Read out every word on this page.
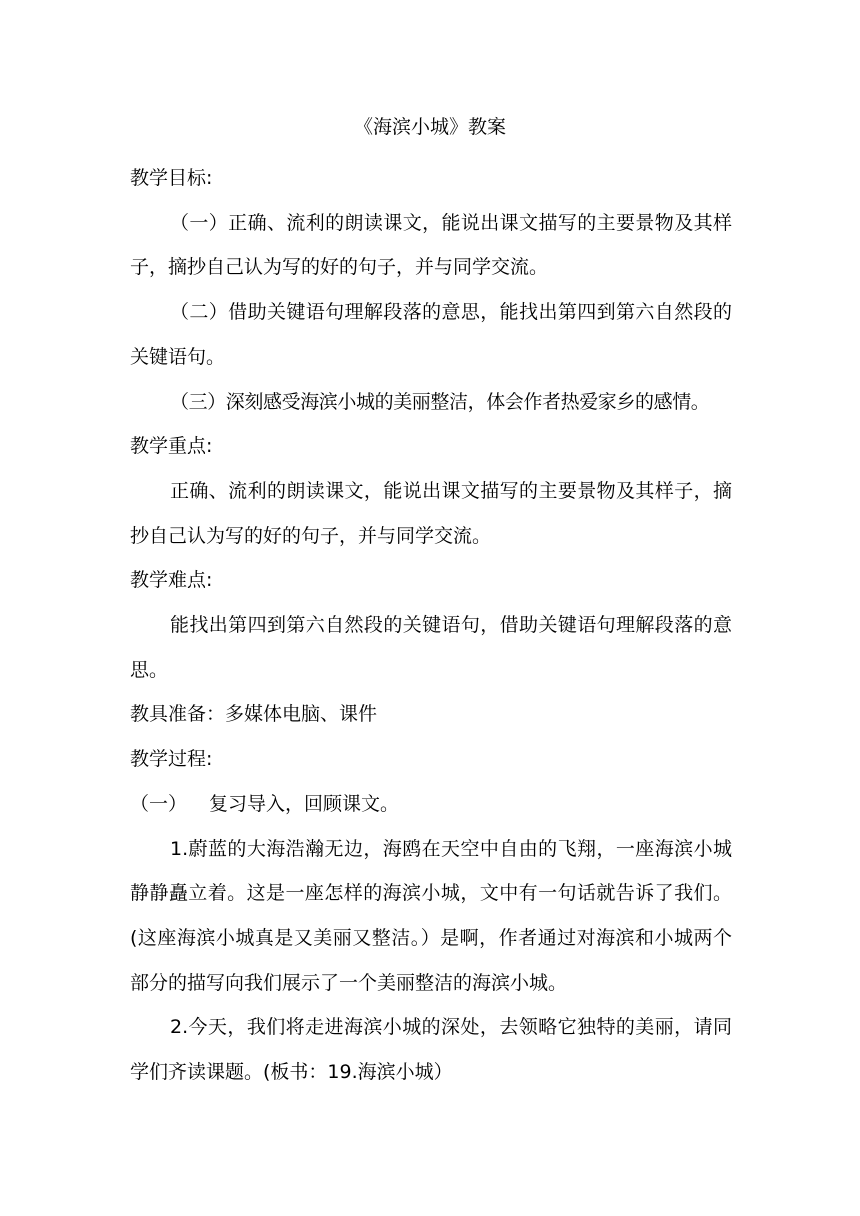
《海滨小城》教案

教学目标:

（一）正确、流利的朗读课文，能说出课文描写的主要景物及其样子，摘抄自己认为写的好的句子，并与同学交流。

（二）借助关键语句理解段落的意思，能找出第四到第六自然段的关键语句。

（三）深刻感受海滨小城的美丽整洁，体会作者热爱家乡的感情。

教学重点:

正确、流利的朗读课文，能说出课文描写的主要景物及其样子，摘抄自己认为写的好的句子，并与同学交流。

教学难点:

能找出第四到第六自然段的关键语句，借助关键语句理解段落的意思。

教具准备：多媒体电脑、课件

教学过程:

（一） 复习导入，回顾课文。

1.蔚蓝的大海浩瀚无边，海鸥在天空中自由的飞翔，一座海滨小城静静矗立着。这是一座怎样的海滨小城，文中有一句话就告诉了我们。(这座海滨小城真是又美丽又整洁。）是啊，作者通过对海滨和小城两个部分的描写向我们展示了一个美丽整洁的海滨小城。

2.今天，我们将走进海滨小城的深处，去领略它独特的美丽，请同学们齐读课题。(板书：19.海滨小城）
